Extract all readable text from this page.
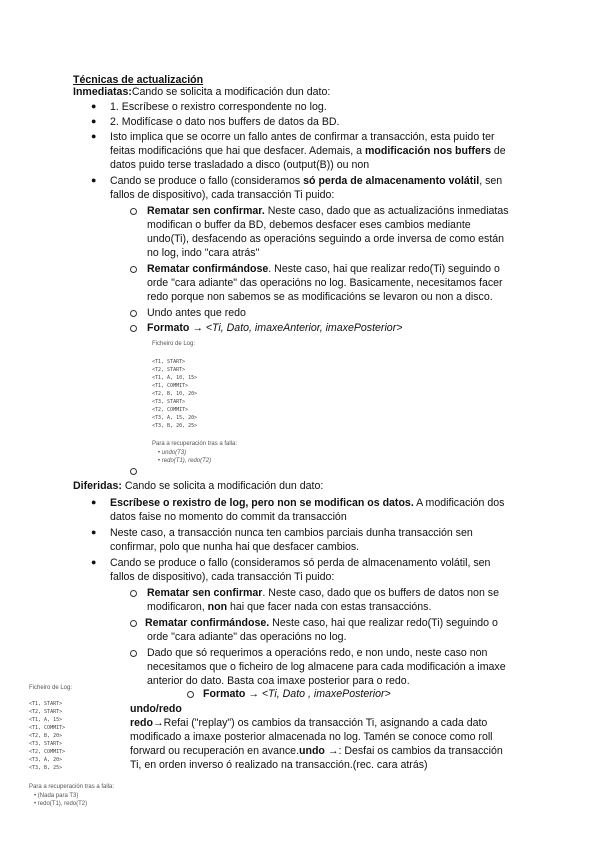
Técnicas de actualización
Inmediatas:Cando se solicita a modificación dun dato:
● 1. Escríbese o rexistro correspondente no log.
● 2. Modifícase o dato nos buffers de datos da BD.
● Isto implica que se ocorre un fallo antes de confirmar a transacción, esta puido ter
feitas modificacións que hai que desfacer. Ademais, a modificación nos buffers de
datos puido terse trasladado a disco (output(B)) ou non
● Cando se produce o fallo (consideramos só perda de almacenamento volátil, sen
fallos de dispositivo), cada transacción Ti puido:
Rematar sen confirmar. Neste caso, dado que as actualizacións inmediatas
modifican o buffer da BD, debemos desfacer eses cambios mediante
undo(Ti), desfacendo as operacións seguindo a orde inversa de como están
no log, indo "cara atrás"
Rematar confirmándose. Neste caso, hai que realizar redo(Ti) seguindo o
orde "cara adiante" das operacións no log. Basicamente, necesitamos facer
redo porque non sabemos se as modificacións se levaron ou non a disco.
Undo antes que redo
Formato → <Ti, Dato, imaxeAnterior, imaxePosterior>
Ficheiro de Log:
<T1, START>
<T2, START>
<T1, A, 10, 15>
<T1, COMMIT>
<T2, B, 10, 20>
<T3, START>
<T2, COMMIT>
<T3, A, 15, 20>
<T3, B, 20, 25>
Para a recuperación tras a falla:
• undo(T3)
• redo(T1), redo(T2)
Diferidas: Cando se solicita a modificación dun dato:
● Escríbese o rexistro de log, pero non se modifican os datos. A modificación dos
datos faise no momento do commit da transacción
● Neste caso, a transacción nunca ten cambios parciais dunha transacción sen
confirmar, polo que nunha hai que desfacer cambios.
● Cando se produce o fallo (consideramos só perda de almacenamento volátil, sen
fallos de dispositivo), cada transacción Ti puido:
Rematar sen confirmar. Neste caso, dado que os buffers de datos non se
modificaron, non hai que facer nada con estas transaccións.
Rematar confirmándose. Neste caso, hai que realizar redo(Ti) seguindo o
orde "cara adiante" das operacións no log.
Dado que só requerimos a operacións redo, e non undo, neste caso non
necesitamos que o ficheiro de log almacene para cada modificación a imaxe
anterior do dato. Basta coa imaxe posterior para o redo.
Formato → <Ti, Dato , imaxePosterior>
undo/redo
redo→Refai ("replay") os cambios da transacción Ti, asignando a cada dato
modificado a imaxe posterior almacenada no log. Tamén se conoce como roll
forward ou recuperación en avance.undo →: Desfai os cambios da transacción
Ti, en orden inverso ó realizado na transacción.(rec. cara atrás)
Ficheiro de Log:
<T1, START>
<T2, START>
<T1, A, 15>
<T1, COMMIT>
<T2, B, 20>
<T3, START>
<T2, COMMIT>
<T3, A, 20>
<T3, B, 25>
Para a recuperación tras a falla:
• (Nada para T3)
• redo(T1), redo(T2)
